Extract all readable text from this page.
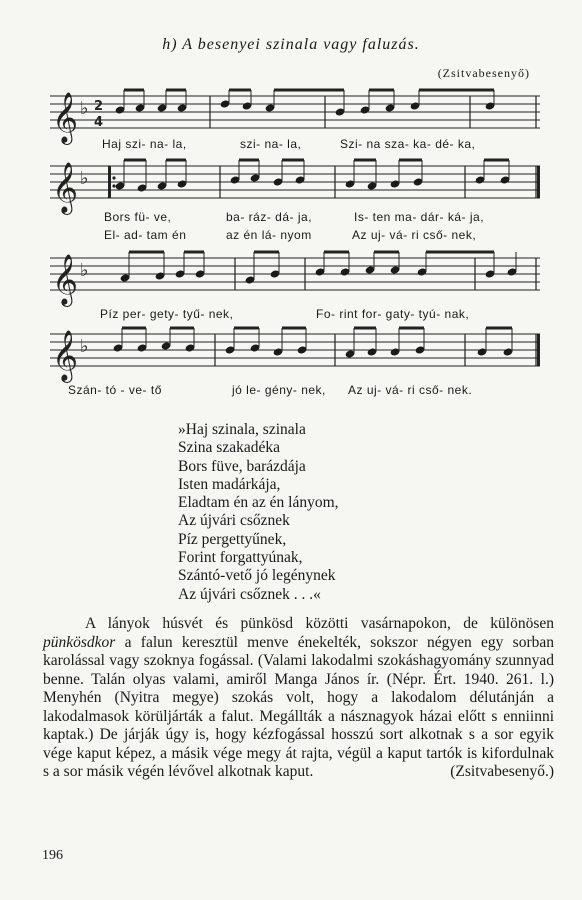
h) A besenyei szinala vagy faluzás.
(Zsitvabesenyő)
𝄞 ♭ 2
4
Haj szi- na- la,	szi- na- la,	Szi- na sza- ka- dé- ka,
𝄞 ♭
Bors fü- ve,	ba- ráz- dá- ja,	Is- ten ma- dár- ká- ja,
El- ad- tam én	az én lá- nyom	Az uj- vá- ri cső- nek,
𝄞 ♭
Píz per- gety- tyű- nek,	Fo- rint for- gaty- tyú- nak,
𝄞 ♭
Szán- tó - ve- tő	jó le- gény- nek, Az uj- vá- ri cső- nek.
»Haj szinala, szinala
Szina szakadéka
Bors füve, barázdája
Isten madárkája,
Eladtam én az én lányom,
Az újvári csőznek
Píz pergettyűnek,
Forint forgattyúnak,
Szántó-vető jó legénynek
Az újvári csőznek . . .«

A lányok húsvét és pünkösd közötti vasárnapokon, de különösen pünkösdkor a falun keresztül menve énekelték, sokszor négyen egy sorban karolással vagy szoknya fogással. (Valami lakodalmi szokáshagyomány szunnyad benne. Talán olyas valami, amiről Manga János ír. (Népr. Ért. 1940. 261. l.) Menyhén (Nyitra megye) szokás volt, hogy a lakodalom délutánján a lakodalmasok körüljárták a falut. Megállták a násznagyok házai előtt s enniinni kaptak.) De járják úgy is, hogy kézfogással hosszú sort alkotnak s a sor egyik vége kaput képez, a másik vége megy át rajta, végül a kaput tartók is kifordulnak s a sor másik végén lévővel alkotnak kaput.	(Zsitvabesenyő.)

196
